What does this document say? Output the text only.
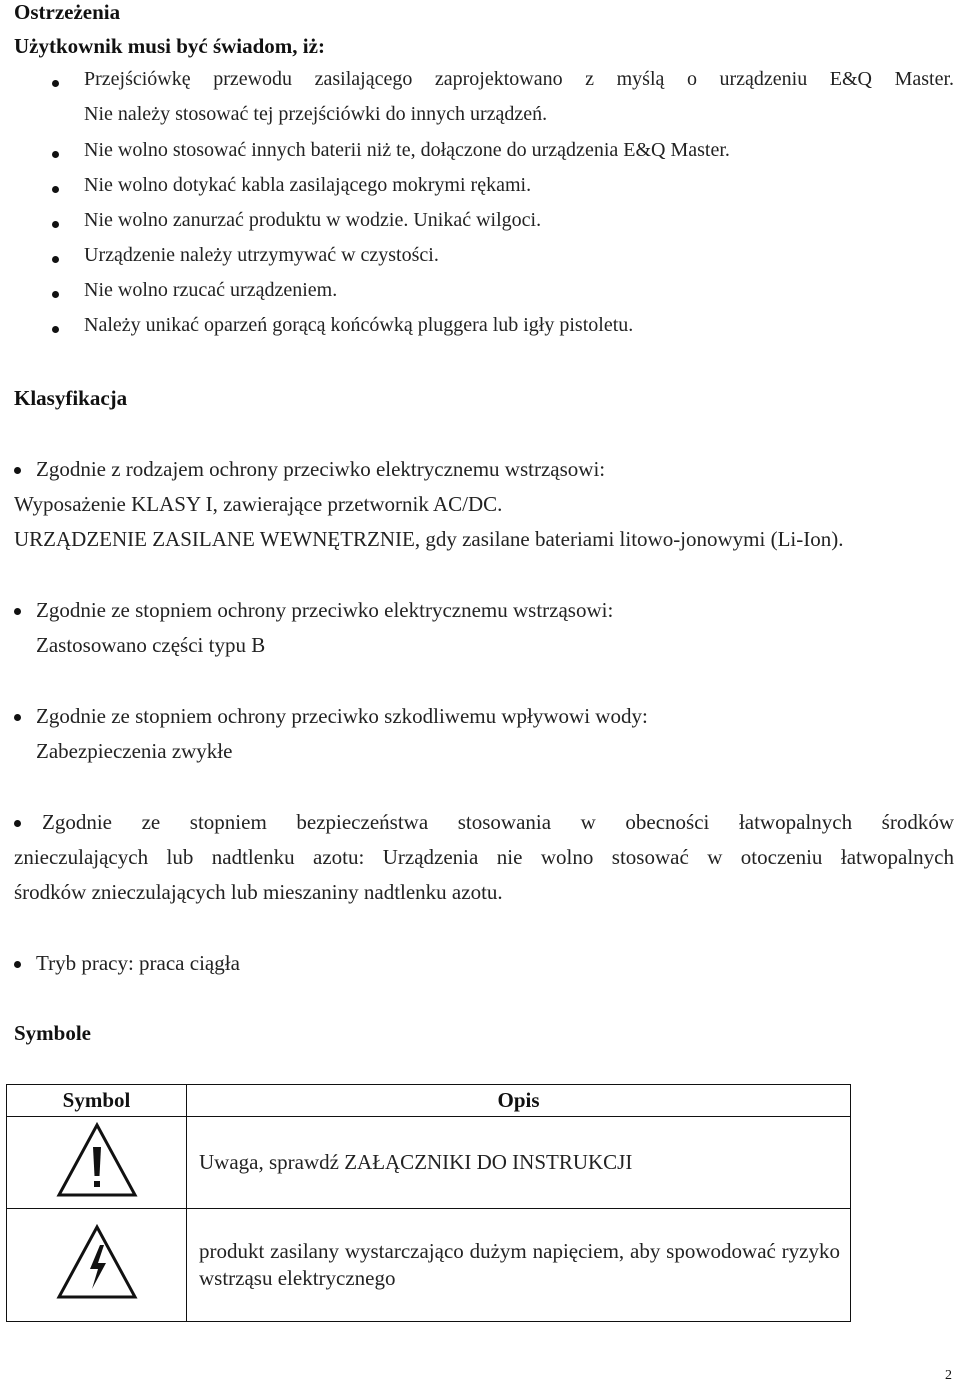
Ostrzeżenia
Użytkownik musi być świadom, iż:
Przejściówkę przewodu zasilającego zaprojektowano z myślą o urządzeniu E&Q Master.
Nie należy stosować tej przejściówki do innych urządzeń.
Nie wolno stosować innych baterii niż te, dołączone do urządzenia E&Q Master.
Nie wolno dotykać kabla zasilającego mokrymi rękami.
Nie wolno zanurzać produktu w wodzie. Unikać wilgoci.
Urządzenie należy utrzymywać w czystości.
Nie wolno rzucać urządzeniem.
Należy unikać oparzeń gorącą końcówką pluggera lub igły pistoletu.
Klasyfikacja
Zgodnie z rodzajem ochrony przeciwko elektrycznemu wstrząsowi:
Wyposażenie KLASY I, zawierające przetwornik AC/DC.
URZĄDZENIE ZASILANE WEWNĘTRZNIE, gdy zasilane bateriami litowo-jonowymi (Li-Ion).
Zgodnie ze stopniem ochrony przeciwko elektrycznemu wstrząsowi:
Zastosowano części typu B
Zgodnie ze stopniem ochrony przeciwko szkodliwemu wpływowi wody:
Zabezpieczenia zwykłe
Zgodnie ze stopniem bezpieczeństwa stosowania w obecności łatwopalnych środków
znieczulających lub nadtlenku azotu: Urządzenia nie wolno stosować w otoczeniu łatwopalnych
środków znieczulających lub mieszaniny nadtlenku azotu.
Tryb pracy: praca ciągła
Symbole
Symbol	Opis
	Uwaga, sprawdź ZAŁĄCZNIKI DO INSTRUKCJI
	produkt zasilany wystarczająco dużym napięciem, aby spowodować ryzyko wstrząsu elektrycznego
2
